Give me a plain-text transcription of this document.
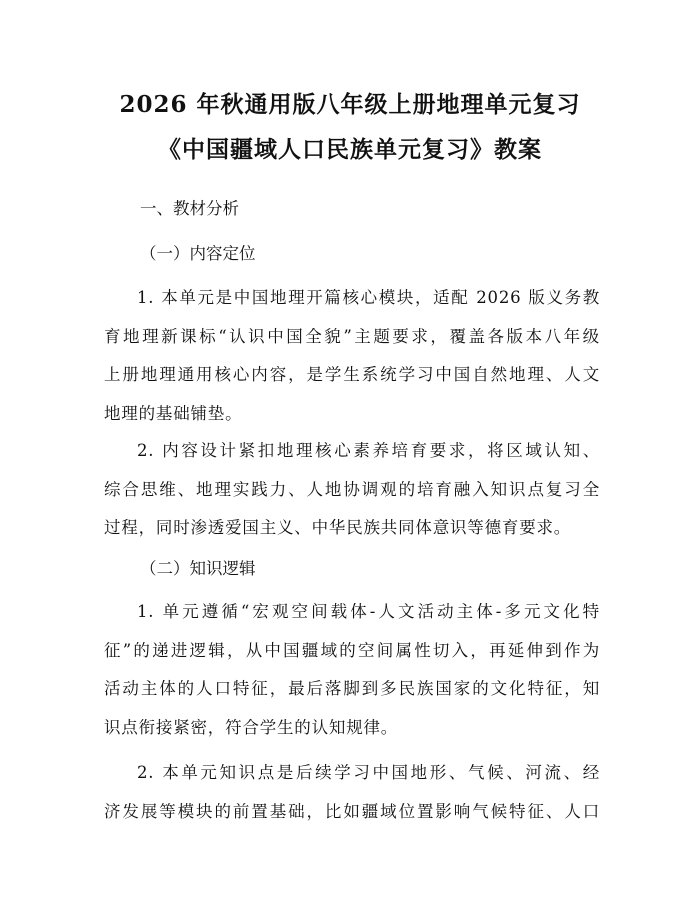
2026 年秋通用版八年级上册地理单元复习
《中国疆域人口民族单元复习》教案
一、教材分析
（一）内容定位
1. 本单元是中国地理开篇核心模块，适配 2026 版义务教
育地理新课标“认识中国全貌”主题要求，覆盖各版本八年级
上册地理通用核心内容，是学生系统学习中国自然地理、人文
地理的基础铺垫。
2. 内容设计紧扣地理核心素养培育要求，将区域认知、
综合思维、地理实践力、人地协调观的培育融入知识点复习全
过程，同时渗透爱国主义、中华民族共同体意识等德育要求。
（二）知识逻辑
1. 单元遵循“宏观空间载体-人文活动主体-多元文化特
征”的递进逻辑，从中国疆域的空间属性切入，再延伸到作为
活动主体的人口特征，最后落脚到多民族国家的文化特征，知
识点衔接紧密，符合学生的认知规律。
2. 本单元知识点是后续学习中国地形、气候、河流、经
济发展等模块的前置基础，比如疆域位置影响气候特征、人口
